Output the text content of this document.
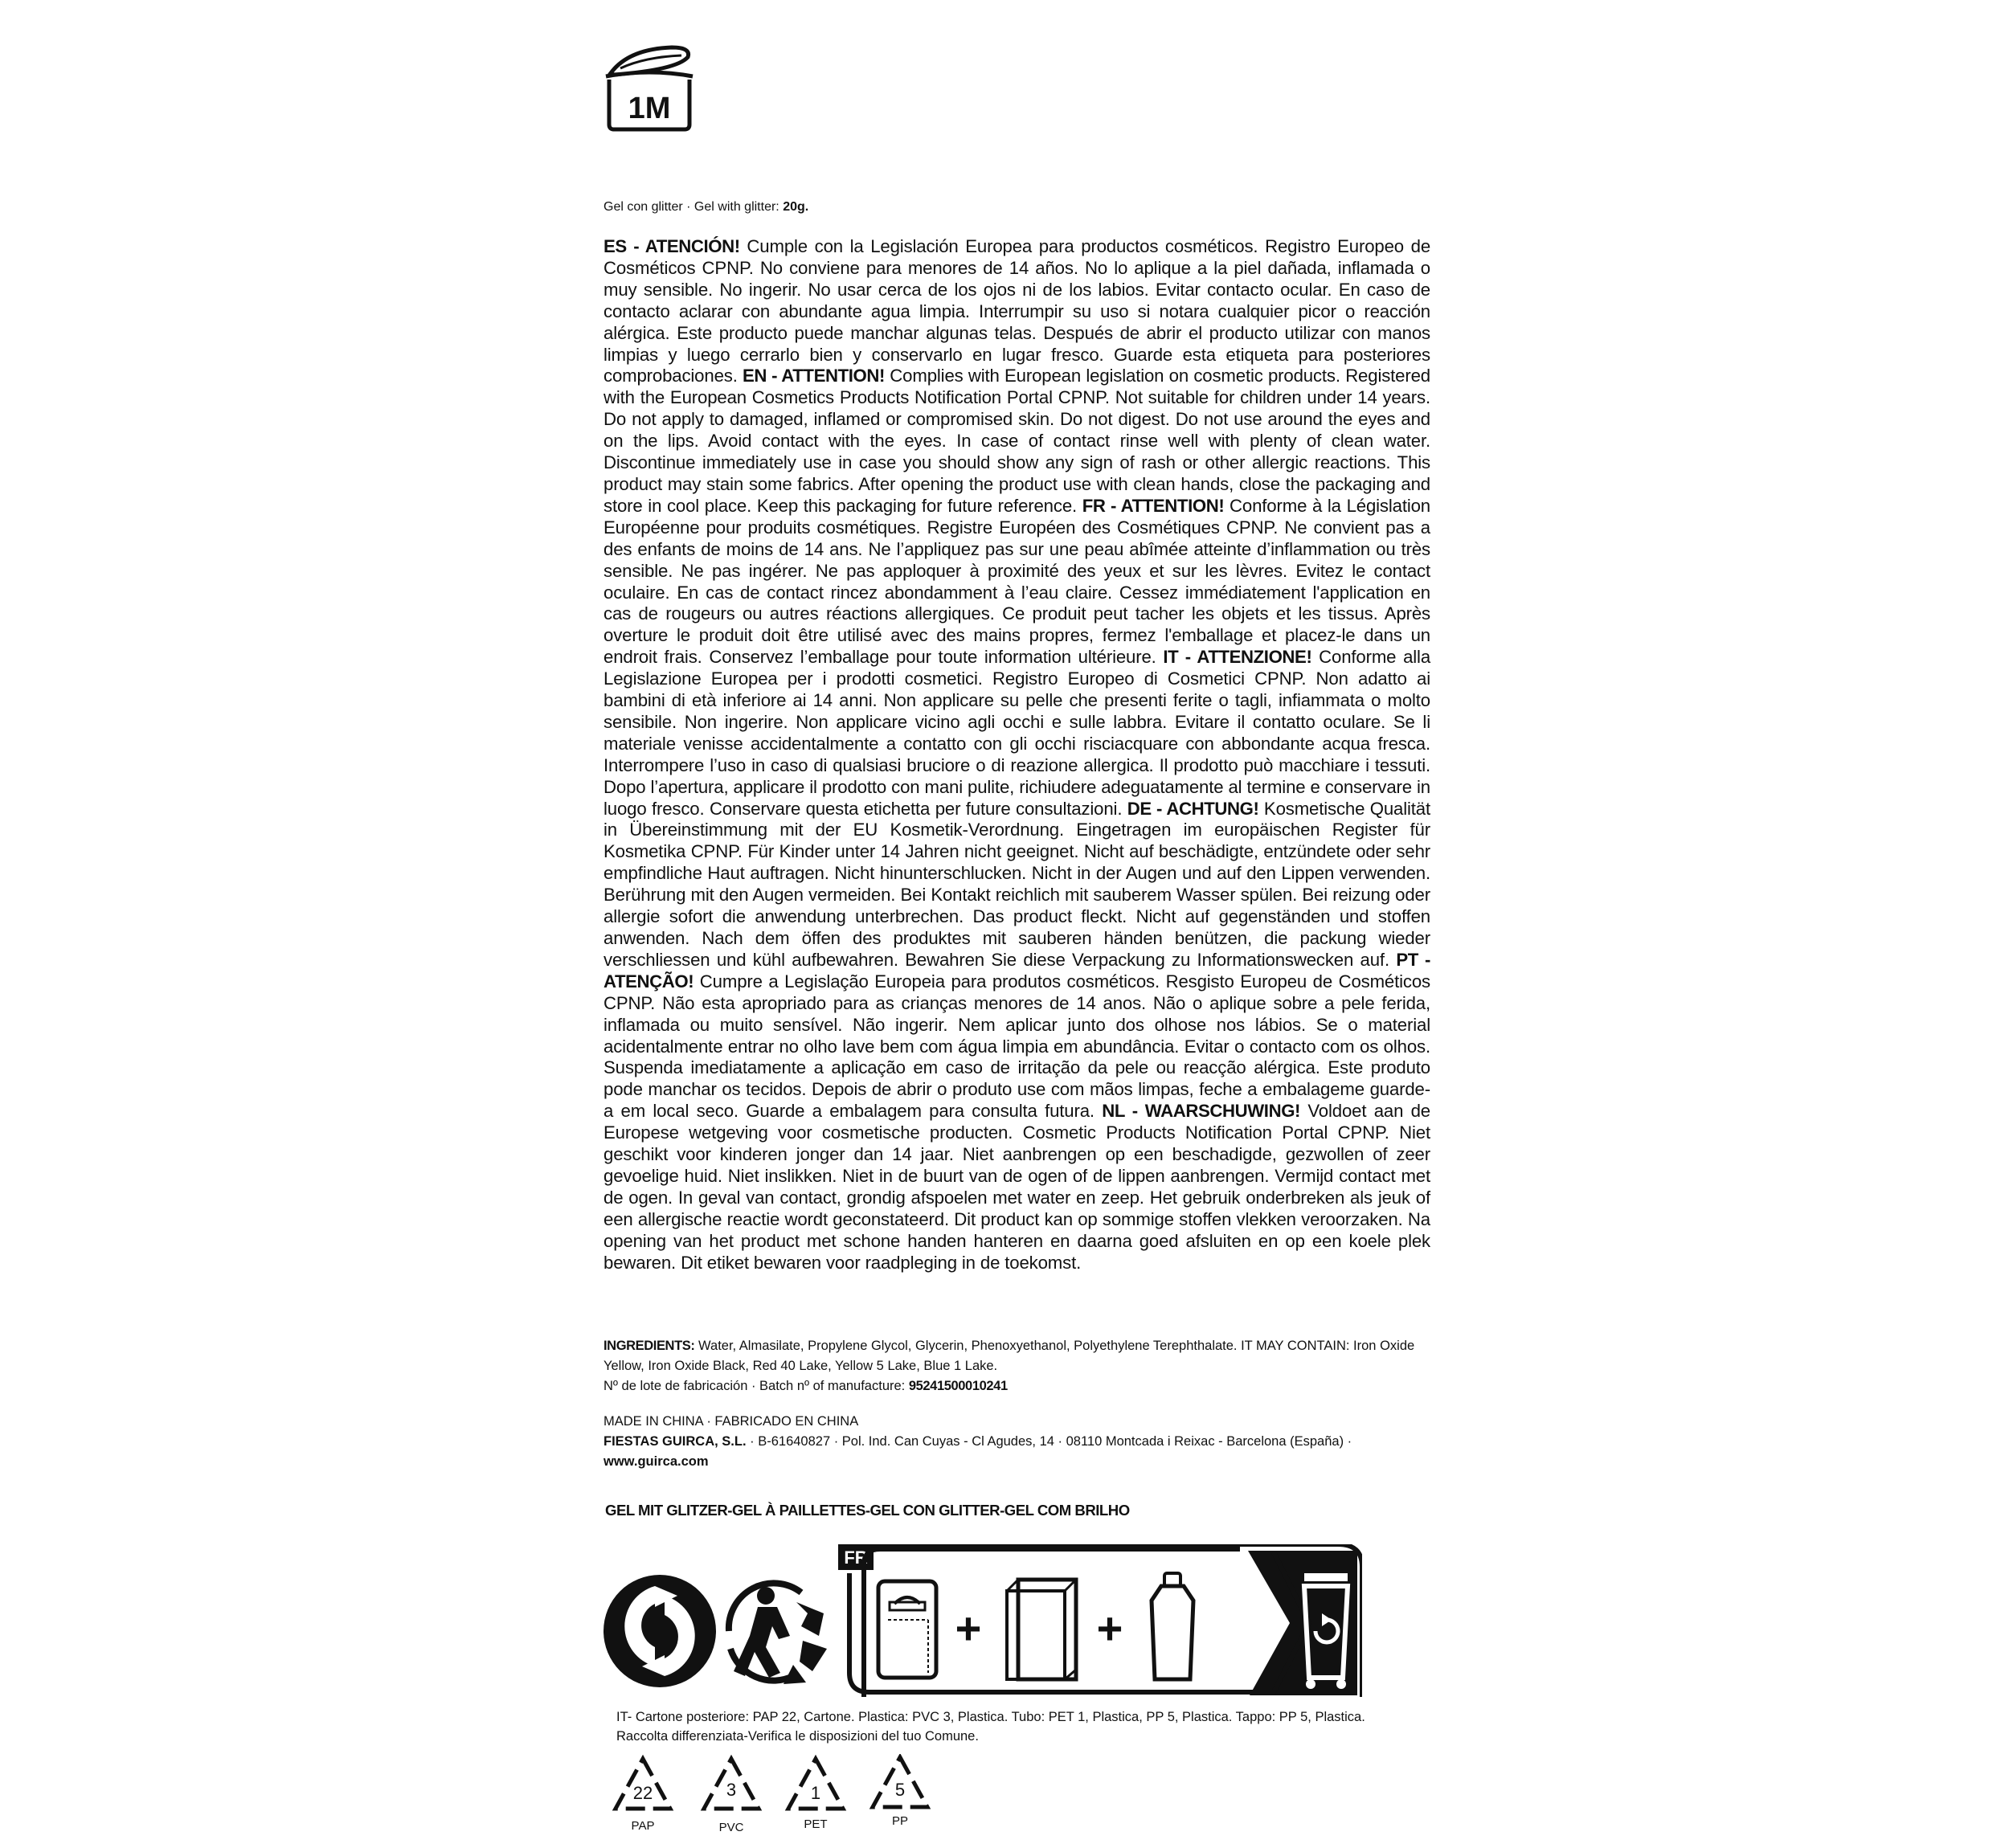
1M
Gel con glitter · Gel with glitter: 20g.
ES - ATENCIÓN! Cumple con la Legislación Europea para productos cosméticos. Registro Europeo de Cosméticos CPNP. No conviene para menores de 14 años. No lo aplique a la piel dañada, inflamada o muy sensible. No ingerir. No usar cerca de los ojos ni de los labios. Evitar contacto ocular. En caso de contacto aclarar con abundante agua limpia. Interrumpir su uso si notara cualquier picor o reacción alérgica. Este producto puede manchar algunas telas. Después de abrir el producto utilizar con manos limpias y luego cerrarlo bien y conservarlo en lugar fresco. Guarde esta etiqueta para posteriores comprobaciones. EN - ATTENTION! Complies with European legislation on cosmetic products. Registered with the European Cosmetics Products Notification Portal CPNP. Not suitable for children under 14 years. Do not apply to damaged, inflamed or compromised skin. Do not digest. Do not use around the eyes and on the lips. Avoid contact with the eyes. In case of contact rinse well with plenty of clean water. Discontinue immediately use in case you should show any sign of rash or other allergic reactions. This product may stain some fabrics. After opening the product use with clean hands, close the packaging and store in cool place. Keep this packaging for future reference. FR - ATTENTION! Conforme à la Législation Européenne pour produits cosmétiques. Registre Européen des Cosmétiques CPNP. Ne convient pas a des enfants de moins de 14 ans. Ne l’appliquez pas sur une peau abîmée atteinte d’inflammation ou très sensible. Ne pas ingérer. Ne pas apploquer à proximité des yeux et sur les lèvres. Evitez le contact oculaire. En cas de contact rincez abondamment à l’eau claire. Cessez immédiatement l'application en cas de rougeurs ou autres réactions allergiques. Ce produit peut tacher les objets et les tissus. Après overture le produit doit être utilisé avec des mains propres, fermez l'emballage et placez-le dans un endroit frais. Conservez l’emballage pour toute information ultérieure. IT - ATTENZIONE! Conforme alla Legislazione Europea per i prodotti cosmetici. Registro Europeo di Cosmetici CPNP. Non adatto ai bambini di età inferiore ai 14 anni. Non applicare su pelle che presenti ferite o tagli, infiammata o molto sensibile. Non ingerire. Non applicare vicino agli occhi e sulle labbra. Evitare il contatto oculare. Se li materiale venisse accidentalmente a contatto con gli occhi risciacquare con abbondante acqua fresca. Interrompere l’uso in caso di qualsiasi bruciore o di reazione allergica. Il prodotto può macchiare i tessuti. Dopo l’apertura, applicare il prodotto con mani pulite, richiudere adeguatamente al termine e conservare in luogo fresco. Conservare questa etichetta per future consultazioni. DE - ACHTUNG! Kosmetische Qualität in Übereinstimmung mit der EU Kosmetik-Verordnung. Eingetragen im europäischen Register für Kosmetika CPNP. Für Kinder unter 14 Jahren nicht geeignet. Nicht auf beschädigte, entzündete oder sehr empfindliche Haut auftragen. Nicht hinunterschlucken. Nicht in der Augen und auf den Lippen verwenden. Berührung mit den Augen vermeiden. Bei Kontakt reichlich mit sauberem Wasser spülen. Bei reizung oder allergie sofort die anwendung unterbrechen. Das product fleckt. Nicht auf gegenständen und stoffen anwenden. Nach dem öffen des produktes mit sauberen händen benützen, die packung wieder verschliessen und kühl aufbewahren. Bewahren Sie diese Verpackung zu Informationswecken auf. PT - ATENÇÃO! Cumpre a Legislação Europeia para produtos cosméticos. Resgisto Europeu de Cosméticos CPNP. Não esta apropriado para as crianças menores de 14 anos. Não o aplique sobre a pele ferida, inflamada ou muito sensível. Não ingerir. Nem aplicar junto dos olhose nos lábios. Se o material acidentalmente entrar no olho lave bem com água limpia em abundância. Evitar o contacto com os olhos. Suspenda imediatamente a aplicação em caso de irritação da pele ou reacção alérgica. Este produto pode manchar os tecidos. Depois de abrir o produto use com mãos limpas, feche a embalageme guarde-a em local seco. Guarde a embalagem para consulta futura. NL - WAARSCHUWING! Voldoet aan de Europese wetgeving voor cosmetische producten. Cosmetic Products Notification Portal CPNP. Niet geschikt voor kinderen jonger dan 14 jaar. Niet aanbrengen op een beschadigde, gezwollen of zeer gevoelige huid. Niet inslikken. Niet in de buurt van de ogen of de lippen aanbrengen. Vermijd contact met de ogen. In geval van contact, grondig afspoelen met water en zeep. Het gebruik onderbreken als jeuk of een allergische reactie wordt geconstateerd. Dit product kan op sommige stoffen vlekken veroorzaken. Na opening van het product met schone handen hanteren en daarna goed afsluiten en op een koele plek bewaren. Dit etiket bewaren voor raadpleging in de toekomst.
INGREDIENTS: Water, Almasilate, Propylene Glycol, Glycerin, Phenoxyethanol, Polyethylene Terephthalate. IT MAY CONTAIN: Iron Oxide Yellow, Iron Oxide Black, Red 40 Lake, Yellow 5 Lake, Blue 1 Lake.
Nº de lote de fabricación · Batch nº of manufacture: 95241500010241
MADE IN CHINA · FABRICADO EN CHINA
FIESTAS GUIRCA, S.L. · B-61640827 · Pol. Ind. Can Cuyas - Cl Agudes, 14 · 08110 Montcada i Reixac - Barcelona (España) · www.guirca.com
GEL MIT GLITZER-GEL À PAILLETTES-GEL CON GLITTER-GEL COM BRILHO
FR
+	+
IT- Cartone posteriore: PAP 22, Cartone. Plastica: PVC 3, Plastica. Tubo: PET 1, Plastica, PP 5, Plastica. Tappo: PP 5, Plastica. Raccolta differenziata-Verifica le disposizioni del tuo Comune.
22
PAP
3
PVC
1
PET
5
PP
